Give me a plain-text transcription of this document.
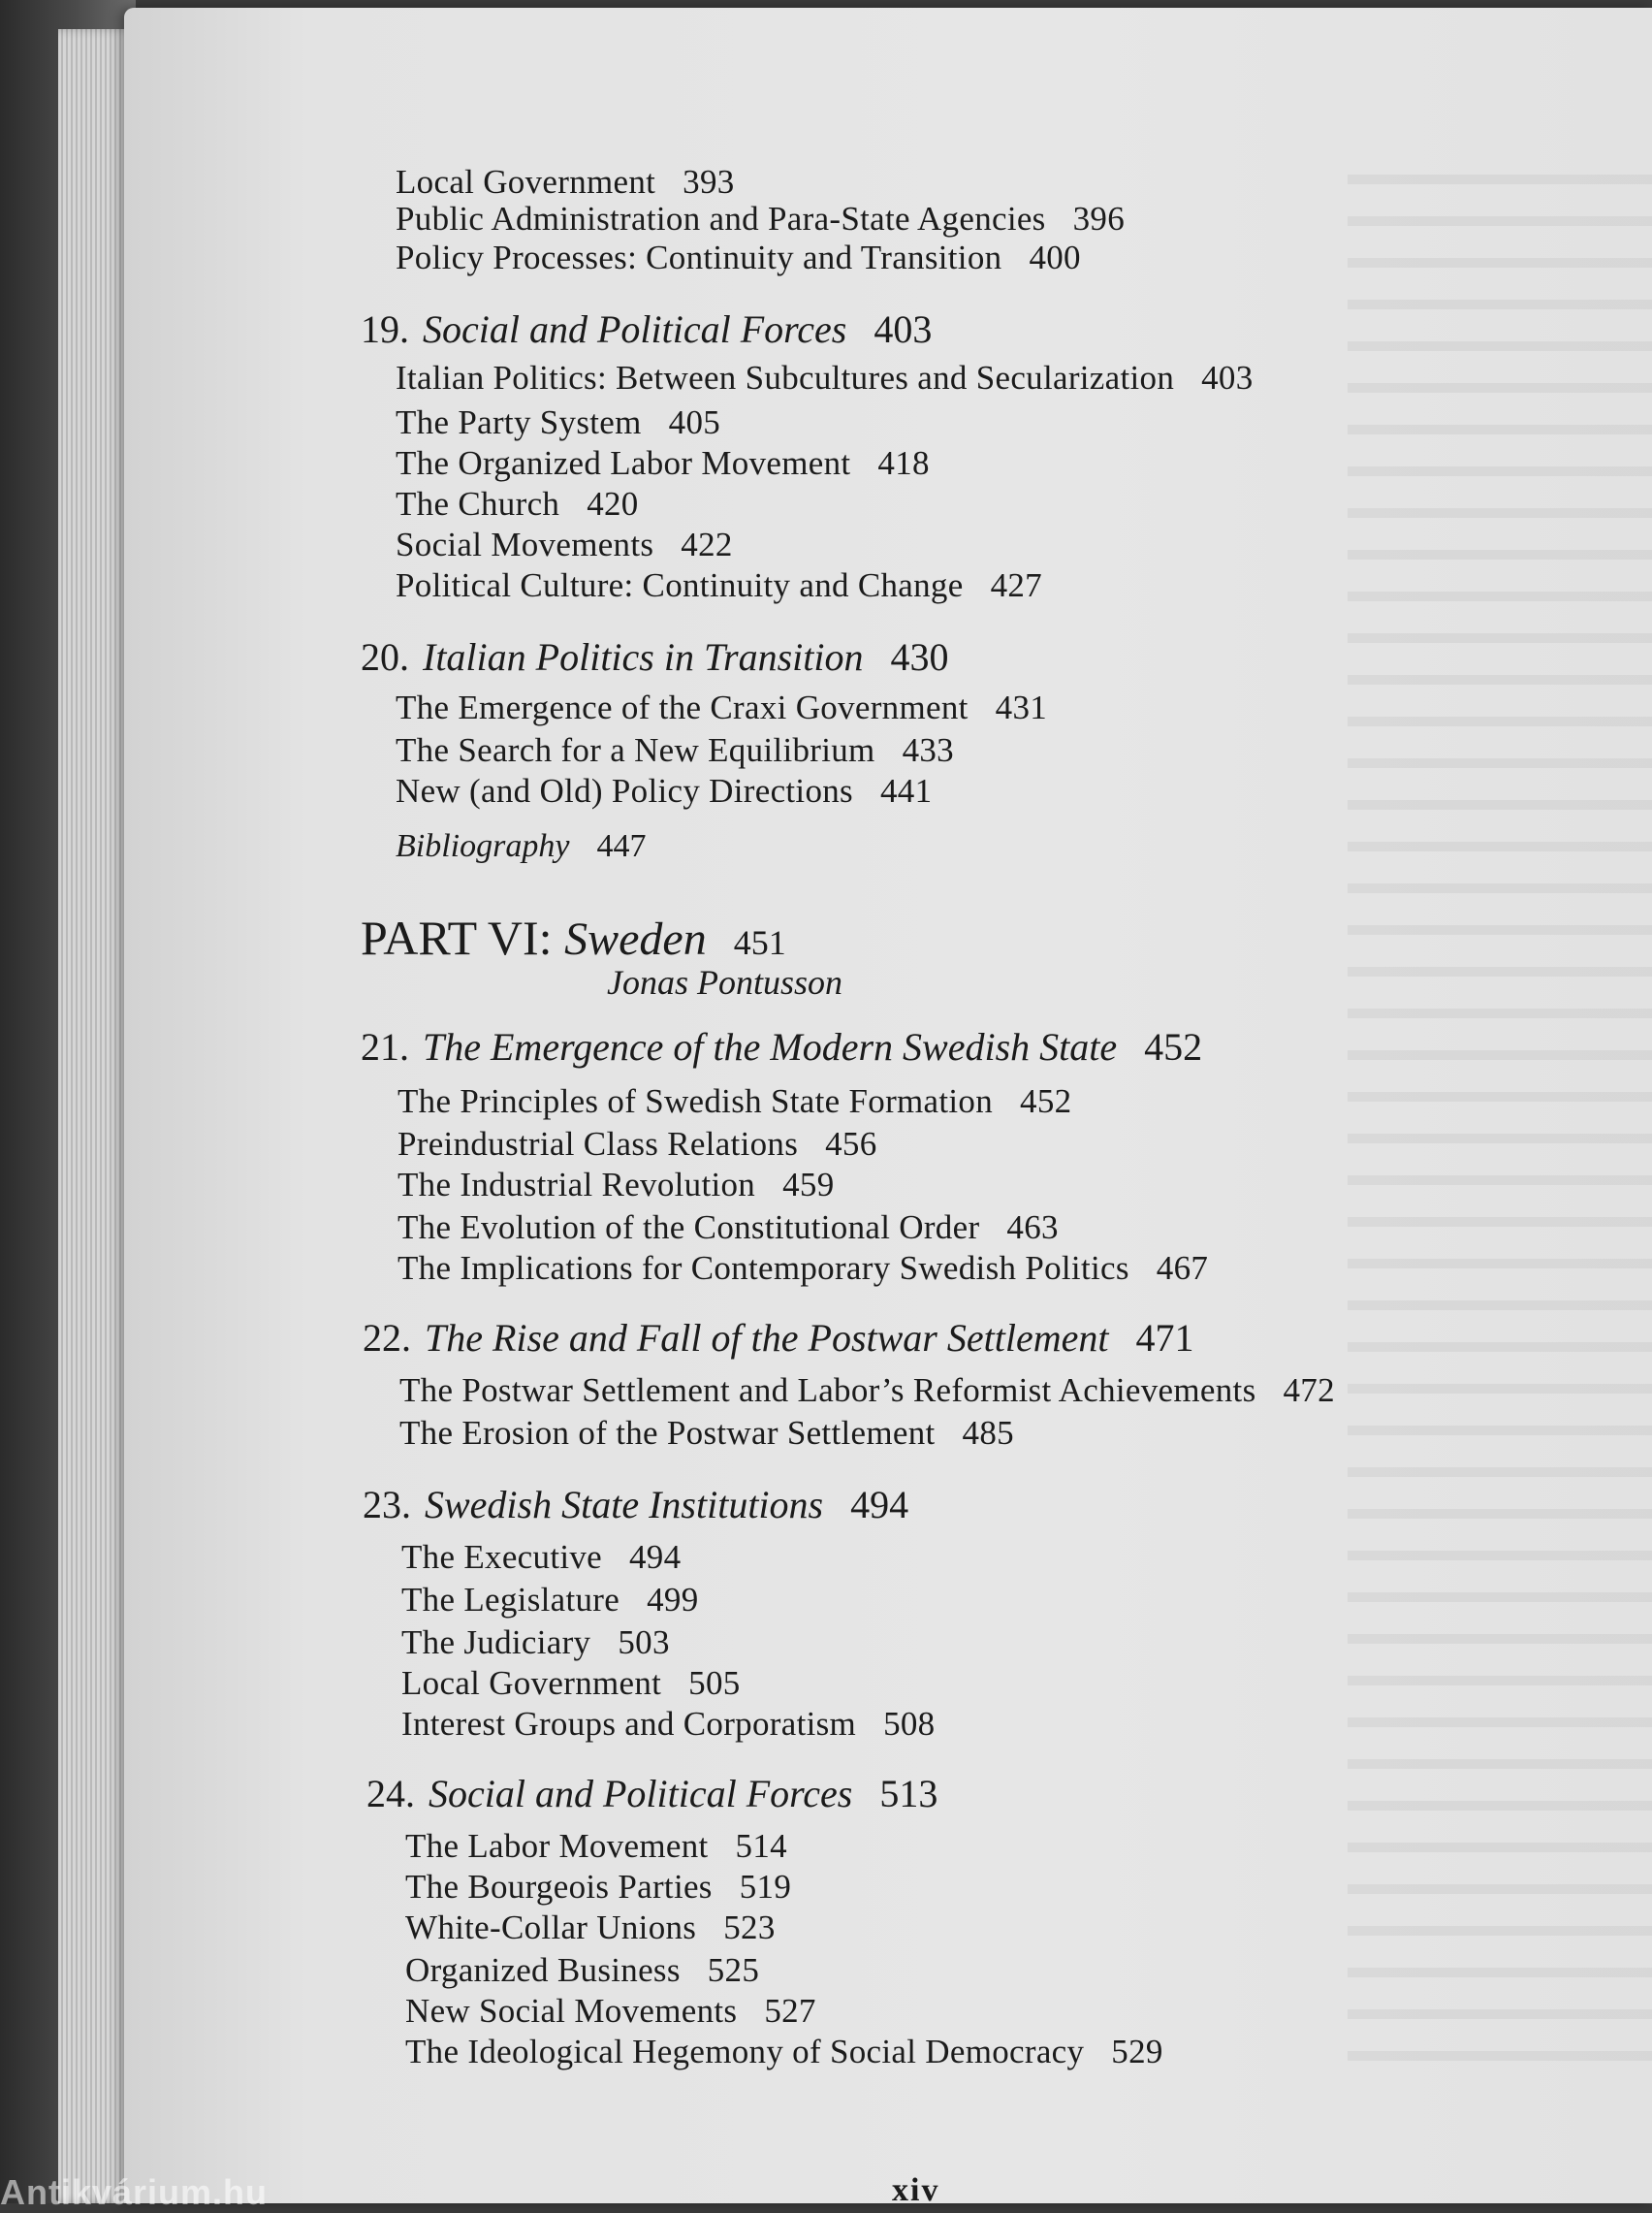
Local Government 393
Public Administration and Para-State Agencies 396
Policy Processes: Continuity and Transition 400
19. Social and Political Forces 403
Italian Politics: Between Subcultures and Secularization 403
The Party System 405
The Organized Labor Movement 418
The Church 420
Social Movements 422
Political Culture: Continuity and Change 427
20. Italian Politics in Transition 430
The Emergence of the Craxi Government 431
The Search for a New Equilibrium 433
New (and Old) Policy Directions 441
Bibliography 447
PART VI: Sweden 451
Jonas Pontusson
21. The Emergence of the Modern Swedish State 452
The Principles of Swedish State Formation 452
Preindustrial Class Relations 456
The Industrial Revolution 459
The Evolution of the Constitutional Order 463
The Implications for Contemporary Swedish Politics 467
22. The Rise and Fall of the Postwar Settlement 471
The Postwar Settlement and Labor’s Reformist Achievements 472
The Erosion of the Postwar Settlement 485
23. Swedish State Institutions 494
The Executive 494
The Legislature 499
The Judiciary 503
Local Government 505
Interest Groups and Corporatism 508
24. Social and Political Forces 513
The Labor Movement 514
The Bourgeois Parties 519
White-Collar Unions 523
Organized Business 525
New Social Movements 527
The Ideological Hegemony of Social Democracy 529
xiv
Antikvárium.hu
